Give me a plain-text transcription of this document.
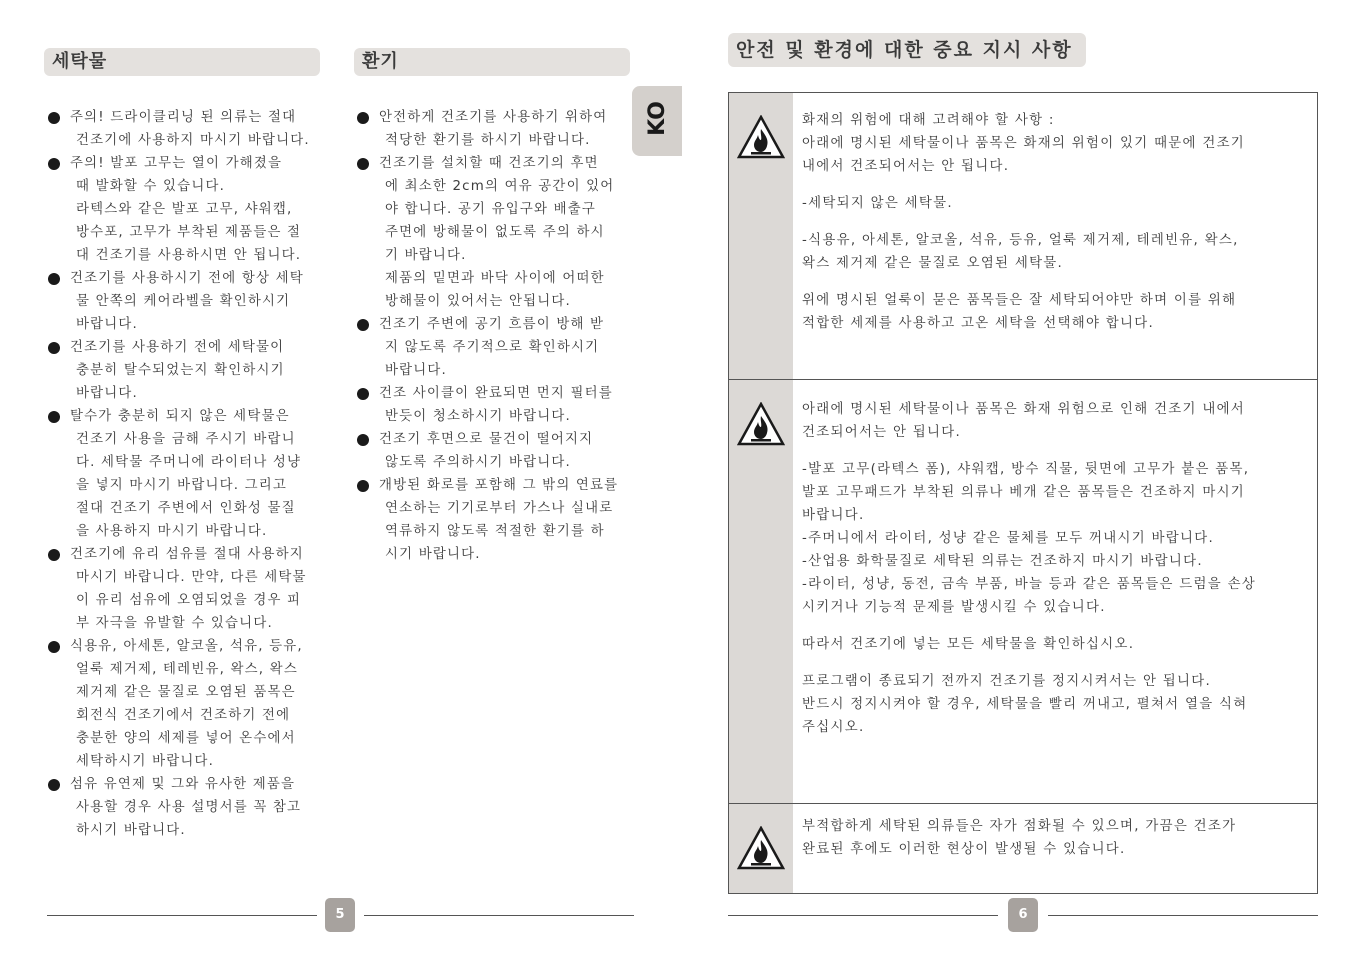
세탁물	환기

주의! 드라이클리닝 된 의류는 절대

건조기에 사용하지 마시기 바랍니다.

주의! 발포 고무는 열이 가해졌을

때 발화할 수 있습니다.

라텍스와 같은 발포 고무, 샤워캡,

방수포, 고무가 부착된 제품들은 절

대 건조기를 사용하시면 안 됩니다.

건조기를 사용하시기 전에 항상 세탁

물 안쪽의 케어라벨을 확인하시기

바랍니다.

건조기를 사용하기 전에 세탁물이

충분히 탈수되었는지 확인하시기

바랍니다.

탈수가 충분히 되지 않은 세탁물은

건조기 사용을 금해 주시기 바랍니

다. 세탁물 주머니에 라이터나 성냥

을 넣지 마시기 바랍니다. 그리고

절대 건조기 주변에서 인화성 물질

을 사용하지 마시기 바랍니다.

건조기에 유리 섬유를 절대 사용하지

마시기 바랍니다. 만약, 다른 세탁물

이 유리 섬유에 오염되었을 경우 피

부 자극을 유발할 수 있습니다.

식용유, 아세톤, 알코올, 석유, 등유,

얼룩 제거제, 테레빈유, 왁스, 왁스

제거제 같은 물질로 오염된 품목은

회전식 건조기에서 건조하기 전에

충분한 양의 세제를 넣어 온수에서

세탁하시기 바랍니다.

섬유 유연제 및 그와 유사한 제품을

사용할 경우 사용 설명서를 꼭 참고

하시기 바랍니다.

안전하게 건조기를 사용하기 위하여

적당한 환기를 하시기 바랍니다.

건조기를 설치할 때 건조기의 후면

에 최소한 2cm의 여유 공간이 있어

야 합니다. 공기 유입구와 배출구

주면에 방해물이 없도록 주의 하시

기 바랍니다.

제품의 밑면과 바닥 사이에 어떠한

방해물이 있어서는 안됩니다.

건조기 주변에 공기 흐름이 방해 받

지 않도록 주기적으로 확인하시기

바랍니다.

건조 사이클이 완료되면 먼지 필터를

반듯이 청소하시기 바랍니다.

건조기 후면으로 물건이 떨어지지

않도록 주의하시기 바랍니다.

개방된 화로를 포함해 그 밖의 연료를

연소하는 기기로부터 가스나 실내로

역류하지 않도록 적절한 환기를 하

시기 바랍니다.

KO
5
안전 및 환경에 대한 중요 지시 사항

화재의 위험에 대해 고려해야 할 사항 :

아래에 명시된 세탁물이나 품목은 화재의 위험이 있기 때문에 건조기

내에서 건조되어서는 안 됩니다.

-세탁되지 않은 세탁물.

-식용유, 아세톤, 알코올, 석유, 등유, 얼룩 제거제, 테레빈유, 왁스,

왁스 제거제 같은 물질로 오염된 세탁물.

위에 명시된 얼룩이 묻은 품목들은 잘 세탁되어야만 하며 이를 위해

적합한 세제를 사용하고 고온 세탁을 선택해야 합니다.

아래에 명시된 세탁물이나 품목은 화재 위험으로 인해 건조기 내에서

건조되어서는 안 됩니다.

-발포 고무(라텍스 폼), 샤워캡, 방수 직물, 뒷면에 고무가 붙은 품목,

발포 고무패드가 부착된 의류나 베개 같은 품목들은 건조하지 마시기

바랍니다.

-주머니에서 라이터, 성냥 같은 물체를 모두 꺼내시기 바랍니다.

-산업용 화학물질로 세탁된 의류는 건조하지 마시기 바랍니다.

-라이터, 성냥, 동전, 금속 부품, 바늘 등과 같은 품목들은 드럼을 손상

시키거나 기능적 문제를 발생시킬 수 있습니다.

따라서 건조기에 넣는 모든 세탁물을 확인하십시오.

프로그램이 종료되기 전까지 건조기를 정지시켜서는 안 됩니다.

반드시 정지시켜야 할 경우, 세탁물을 빨리 꺼내고, 펼쳐서 열을 식혀

주십시오.

부적합하게 세탁된 의류들은 자가 점화될 수 있으며, 가끔은 건조가

완료된 후에도 이러한 현상이 발생될 수 있습니다.

6
